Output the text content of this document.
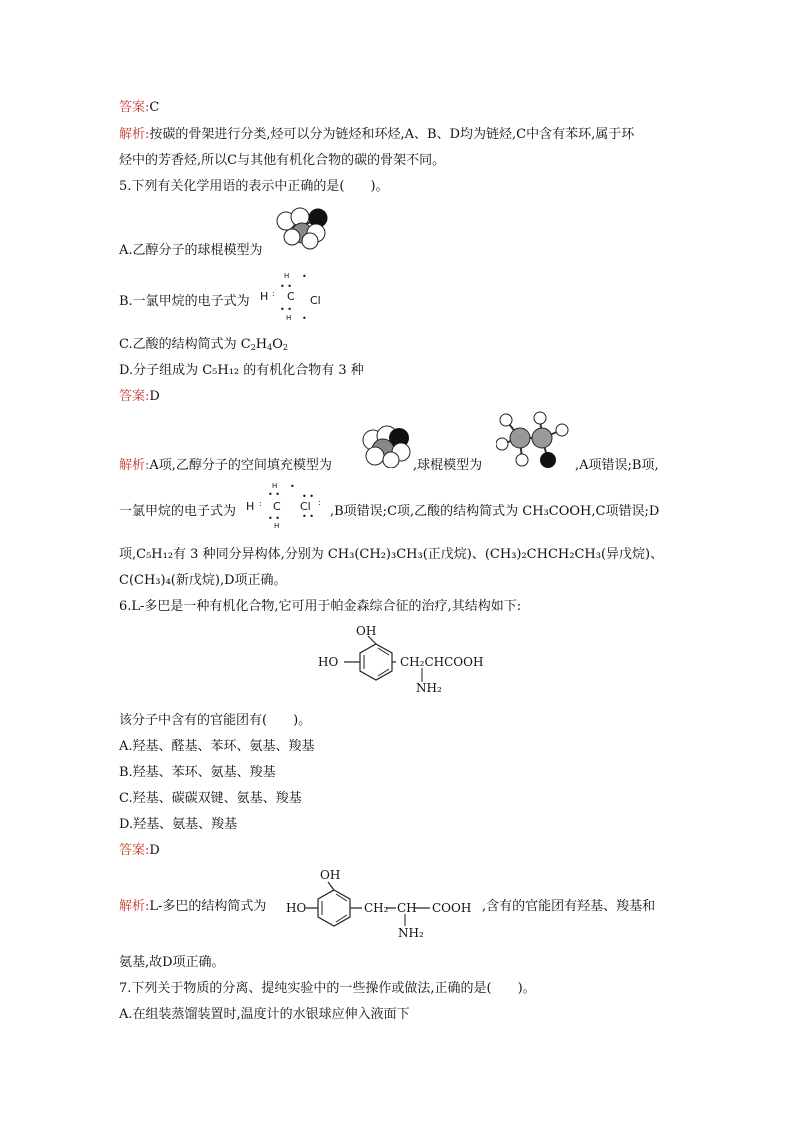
答案:C
解析:按碳的骨架进行分类,烃可以分为链烃和环烃,A、B、D均为链烃,C中含有苯环,属于环
烃中的芳香烃,所以C与其他有机化合物的碳的骨架不同。
5.下列有关化学用语的表示中正确的是(　　)。
A.乙醇分子的球棍模型为
B.一氯甲烷的电子式为
H •
• •
H : C Cl
• •
H •
C.乙酸的结构简式为 $C_2H_4O_2$
D.分子组成为 C₅H₁₂ 的有机化合物有 3 种
答案:D
解析:A项,乙醇分子的空间填充模型为	,球棍模型为	,A项错误;B项,
一氯甲烷的电子式为
H •
• •
H : C
• •
Cl :
• •
• •
H
,B项错误;C项,乙酸的结构简式为 CH₃COOH,C项错误;D
项,C₅H₁₂有 3 种同分异构体,分别为 CH₃(CH₂)₃CH₃(正戊烷)、(CH₃)₂CHCH₂CH₃(异戊烷)、
C(CH₃)₄(新戊烷),D项正确。
6.L-多巴是一种有机化合物,它可用于帕金森综合征的治疗,其结构如下:
OH
HO	CH₂CHCOOH
NH₂
该分子中含有的官能团有(　　)。
A.羟基、醛基、苯环、氨基、羧基
B.羟基、苯环、氨基、羧基
C.羟基、碳碳双键、氨基、羧基
D.羟基、氨基、羧基
答案:D
解析:L-多巴的结构简式为
OH
HO	CH₂ CH COOH
NH₂
,含有的官能团有羟基、羧基和
氨基,故D项正确。
7.下列关于物质的分离、提纯实验中的一些操作或做法,正确的是(　　)。
A.在组装蒸馏装置时,温度计的水银球应伸入液面下
